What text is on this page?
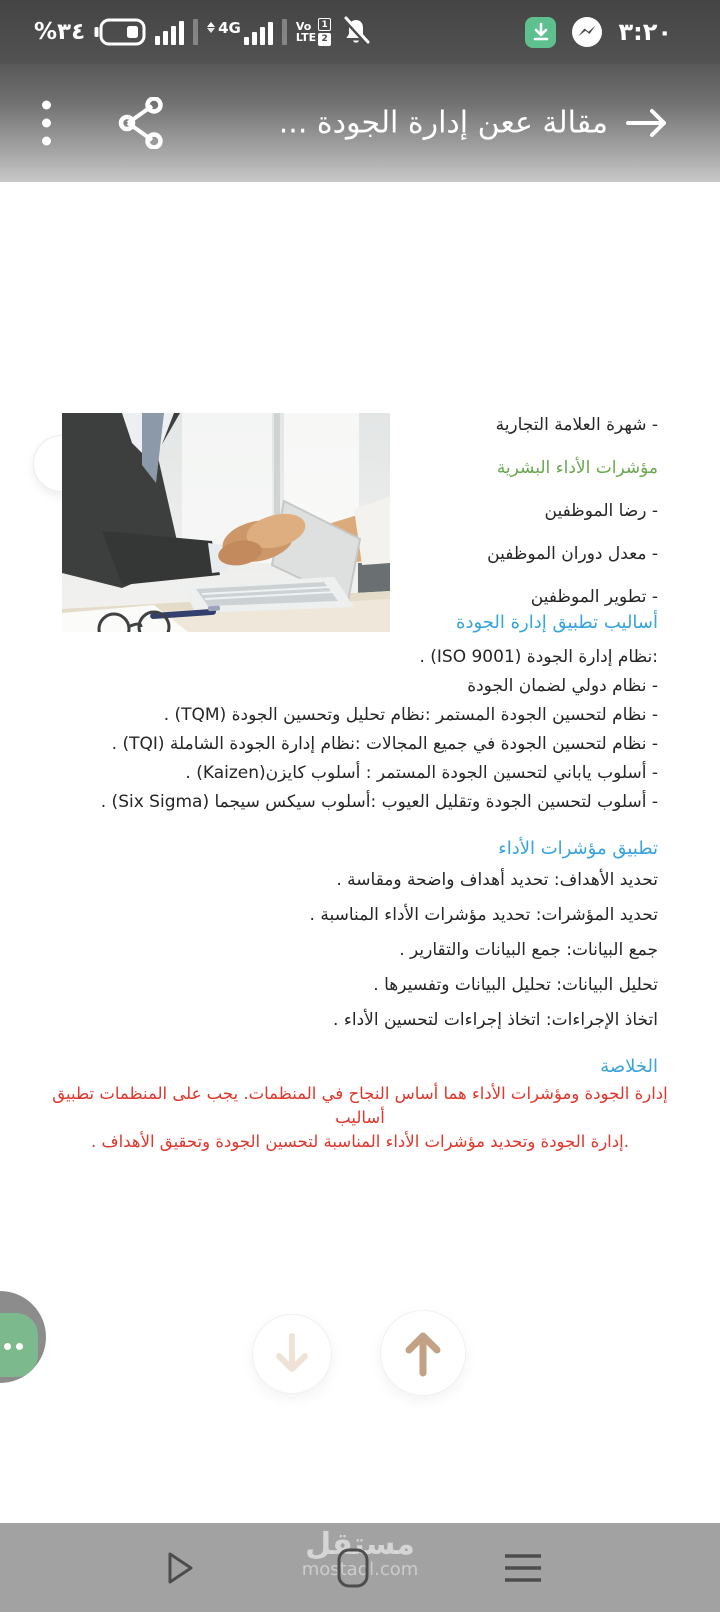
%٣٤	4G	Vo
LTE
1
2	٣:٢٠
مقالة ععن إدارة الجودة ...
- شهرة العلامة التجارية
مؤشرات الأداء البشرية
- رضا الموظفين
- معدل دوران الموظفين
- تطوير الموظفين
أساليب تطبيق إدارة الجودة
:نظام إدارة الجودة (ISO 9001) .
- نظام دولي لضمان الجودة
- نظام لتحسين الجودة المستمر :نظام تحليل وتحسين الجودة (TQM) .
- نظام لتحسين الجودة في جميع المجالات :نظام إدارة الجودة الشاملة (TQI) .
- أسلوب ياباني لتحسين الجودة المستمر : أسلوب كايزن(Kaizen) .
- أسلوب لتحسين الجودة وتقليل العيوب :أسلوب سيكس سيجما (Six Sigma) .
تطبيق مؤشرات الأداء
تحديد الأهداف: تحديد أهداف واضحة ومقاسة .
تحديد المؤشرات: تحديد مؤشرات الأداء المناسبة .
جمع البيانات: جمع البيانات والتقارير .
تحليل البيانات: تحليل البيانات وتفسيرها .
اتخاذ الإجراءات: اتخاذ إجراءات لتحسين الأداء .
الخلاصة
إدارة الجودة ومؤشرات الأداء هما أساس النجاح في المنظمات. يجب على المنظمات تطبيق أساليب
.إدارة الجودة وتحديد مؤشرات الأداء المناسبة لتحسين الجودة وتحقيق الأهداف .
مستقل
mostaql.com
